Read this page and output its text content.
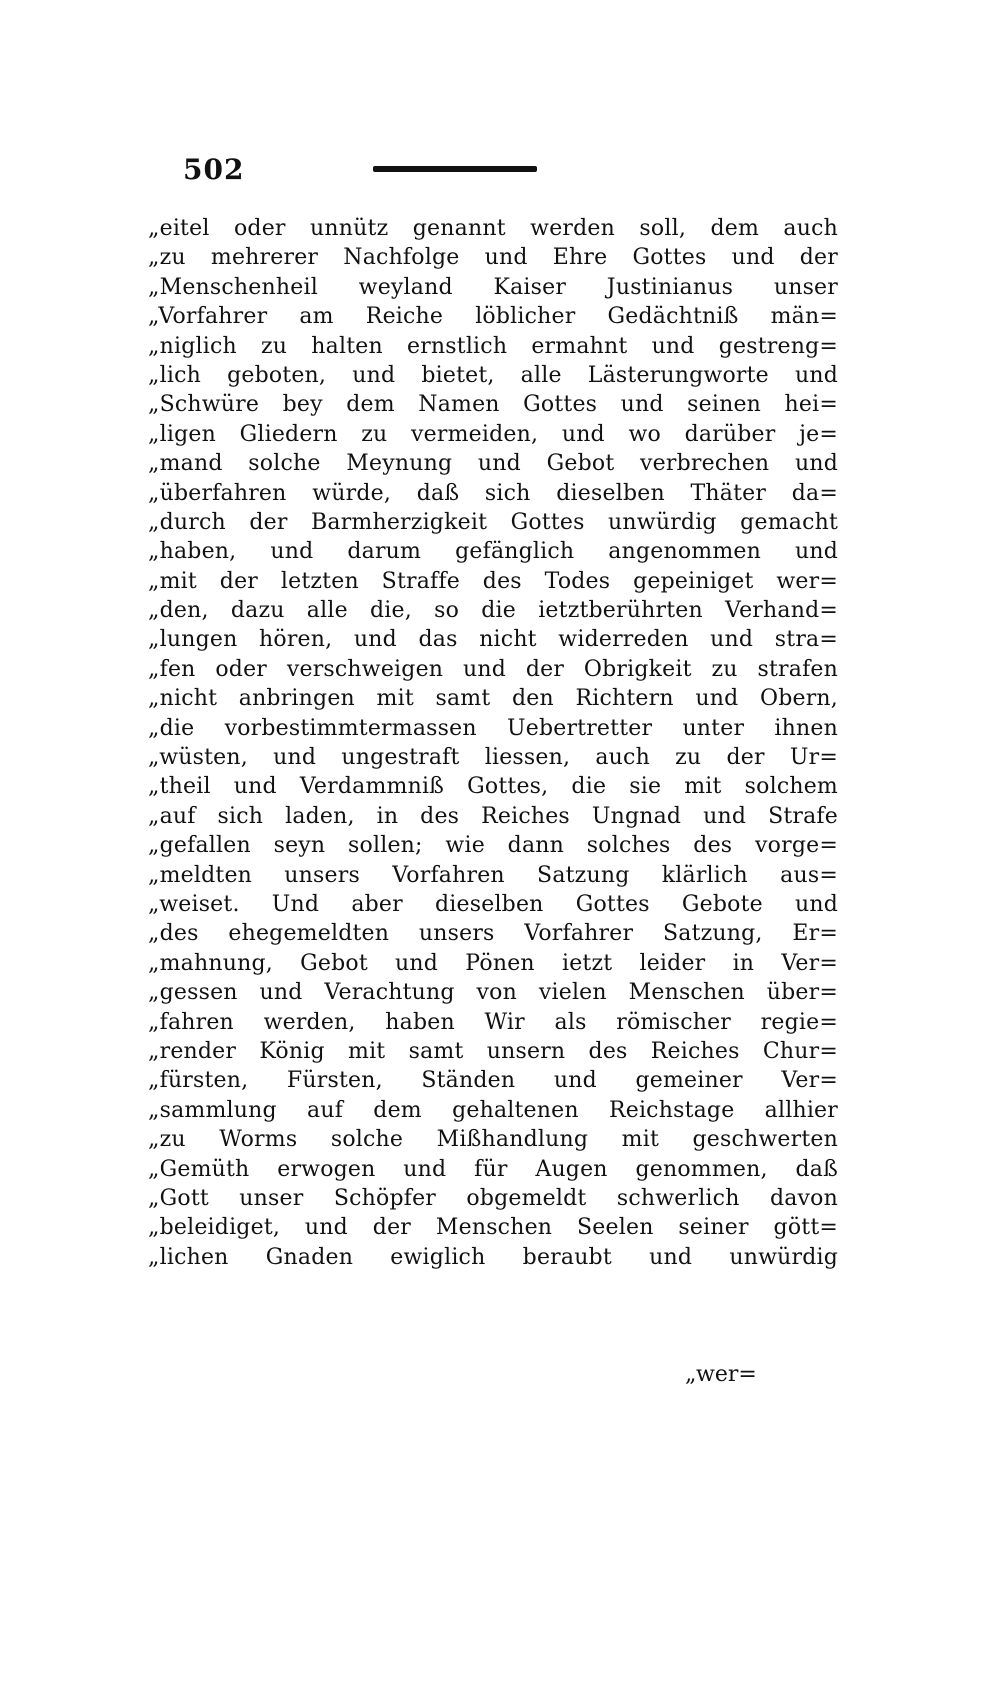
502
„eitel oder unnütz genannt werden soll, dem auch
„zu mehrerer Nachfolge und Ehre Gottes und der
„Menschenheil weyland Kaiser Justinianus unser
„Vorfahrer am Reiche löblicher Gedächtniß män=
„niglich zu halten ernstlich ermahnt und gestreng=
„lich geboten, und bietet, alle Lästerungworte und
„Schwüre bey dem Namen Gottes und seinen hei=
„ligen Gliedern zu vermeiden, und wo darüber je=
„mand solche Meynung und Gebot verbrechen und
„überfahren würde, daß sich dieselben Thäter da=
„durch der Barmherzigkeit Gottes unwürdig gemacht
„haben, und darum gefänglich angenommen und
„mit der letzten Straffe des Todes gepeiniget wer=
„den, dazu alle die, so die ietztberührten Verhand=
„lungen hören, und das nicht widerreden und stra=
„fen oder verschweigen und der Obrigkeit zu strafen
„nicht anbringen mit samt den Richtern und Obern,
„die vorbestimmtermassen Uebertretter unter ihnen
„wüsten, und ungestraft liessen, auch zu der Ur=
„theil und Verdammniß Gottes, die sie mit solchem
„auf sich laden, in des Reiches Ungnad und Strafe
„gefallen seyn sollen; wie dann solches des vorge=
„meldten unsers Vorfahren Satzung klärlich aus=
„weiset. Und aber dieselben Gottes Gebote und
„des ehegemeldten unsers Vorfahrer Satzung, Er=
„mahnung, Gebot und Pönen ietzt leider in Ver=
„gessen und Verachtung von vielen Menschen über=
„fahren werden, haben Wir als römischer regie=
„render König mit samt unsern des Reiches Chur=
„fürsten, Fürsten, Ständen und gemeiner Ver=
„sammlung auf dem gehaltenen Reichstage allhier
„zu Worms solche Mißhandlung mit geschwerten
„Gemüth erwogen und für Augen genommen, daß
„Gott unser Schöpfer obgemeldt schwerlich davon
„beleidiget, und der Menschen Seelen seiner gött=
„lichen Gnaden ewiglich beraubt und unwürdig
„wer=
